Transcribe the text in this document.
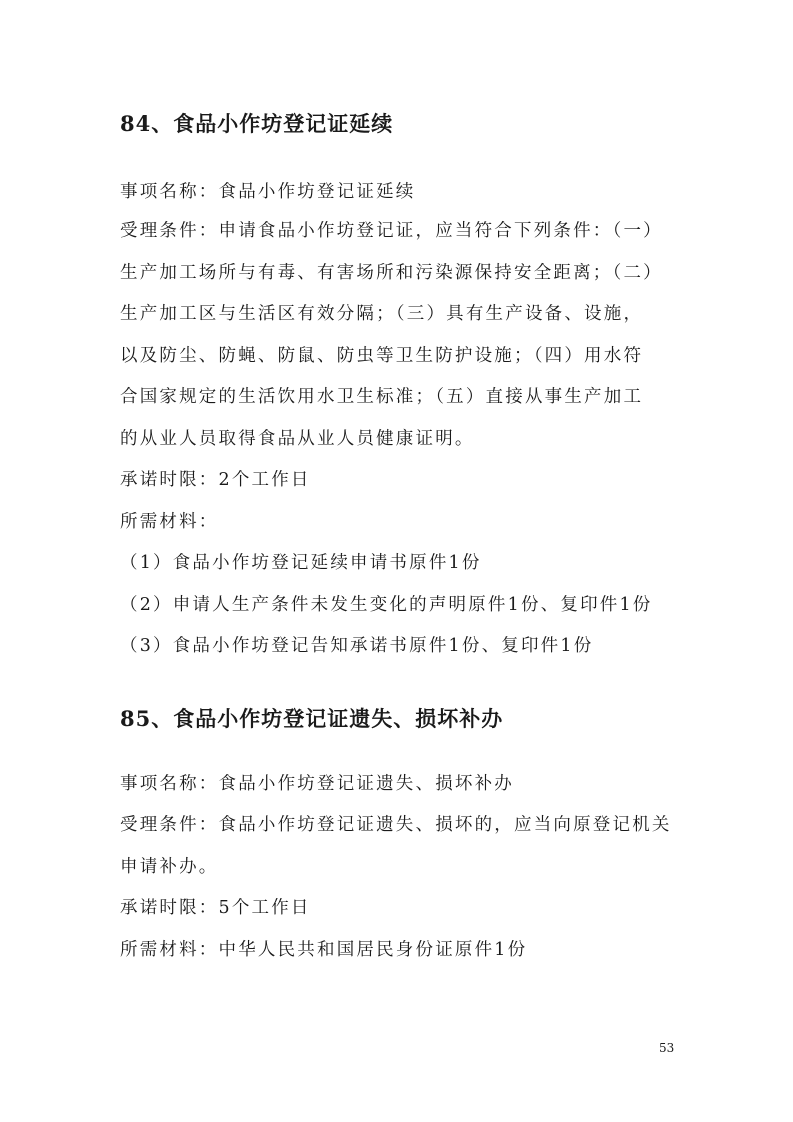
84、食品小作坊登记证延续
事项名称：食品小作坊登记证延续
受理条件：申请食品小作坊登记证，应当符合下列条件：（一）
生产加工场所与有毒、有害场所和污染源保持安全距离；（二）
生产加工区与生活区有效分隔；（三）具有生产设备、设施，
以及防尘、防蝇、防鼠、防虫等卫生防护设施；（四）用水符
合国家规定的生活饮用水卫生标准；（五）直接从事生产加工
的从业人员取得食品从业人员健康证明。
承诺时限：2个工作日
所需材料：
（1）食品小作坊登记延续申请书原件1份
（2）申请人生产条件未发生变化的声明原件1份、复印件1份
（3）食品小作坊登记告知承诺书原件1份、复印件1份
85、食品小作坊登记证遗失、损坏补办
事项名称：食品小作坊登记证遗失、损坏补办
受理条件：食品小作坊登记证遗失、损坏的，应当向原登记机关
申请补办。
承诺时限：5个工作日
所需材料：中华人民共和国居民身份证原件1份
53
